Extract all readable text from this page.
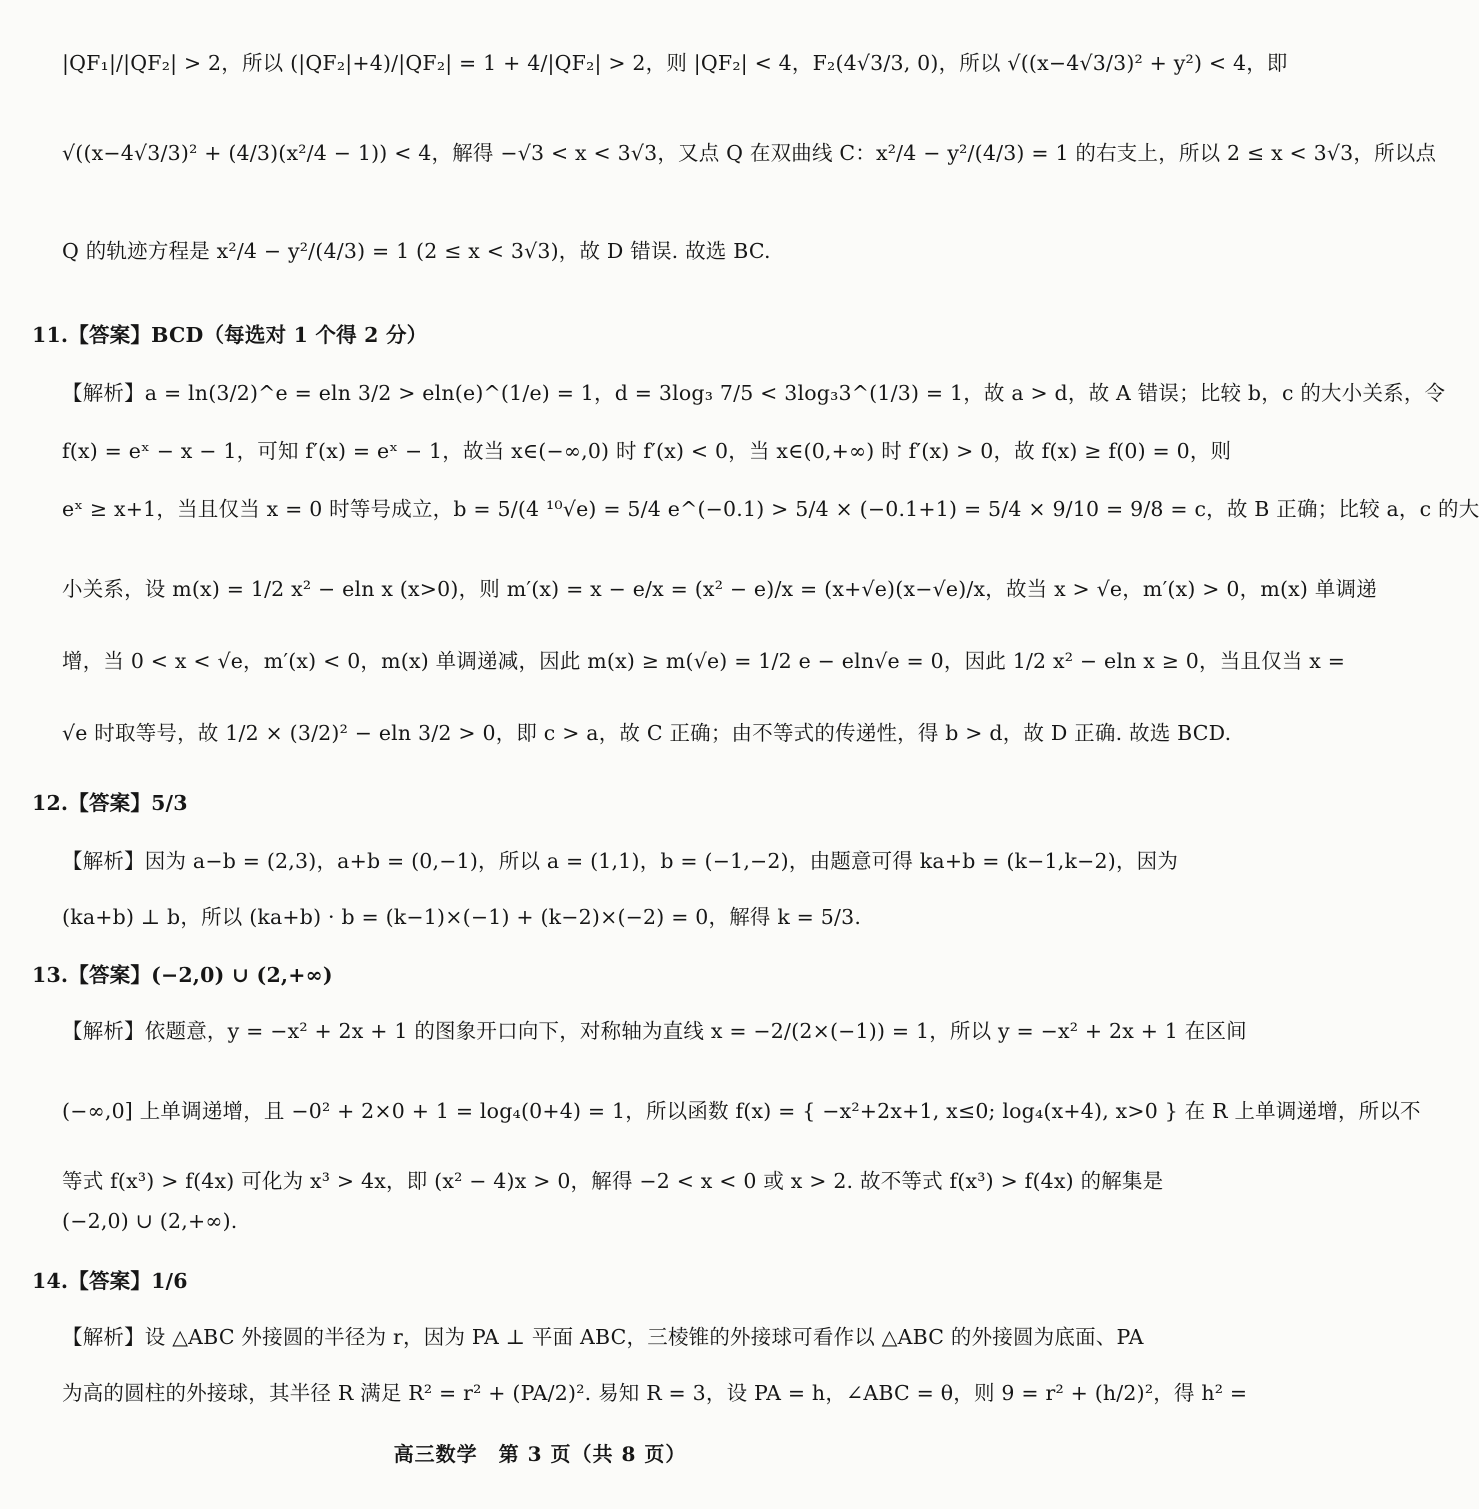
|QF₁|/|QF₂| > 2，所以 (|QF₂|+4)/|QF₂| = 1 + 4/|QF₂| > 2，则 |QF₂| < 4，F₂(4√3/3, 0)，所以 √((x−4√3/3)² + y²) < 4，即
√((x−4√3/3)² + (4/3)(x²/4 − 1)) < 4，解得 −√3 < x < 3√3，又点 Q 在双曲线 C：x²/4 − y²/(4/3) = 1 的右支上，所以 2 ≤ x < 3√3，所以点
Q 的轨迹方程是 x²/4 − y²/(4/3) = 1 (2 ≤ x < 3√3)，故 D 错误. 故选 BC.
11.【答案】BCD（每选对 1 个得 2 分）
【解析】a = ln(3/2)^e = eln 3/2 > eln(e)^(1/e) = 1，d = 3log₃ 7/5 < 3log₃3^(1/3) = 1，故 a > d，故 A 错误；比较 b，c 的大小关系，令
f(x) = eˣ − x − 1，可知 f′(x) = eˣ − 1，故当 x∈(−∞,0) 时 f′(x) < 0，当 x∈(0,+∞) 时 f′(x) > 0，故 f(x) ≥ f(0) = 0，则
eˣ ≥ x+1，当且仅当 x = 0 时等号成立，b = 5/(4 ¹⁰√e) = 5/4 e^(−0.1) > 5/4 × (−0.1+1) = 5/4 × 9/10 = 9/8 = c，故 B 正确；比较 a，c 的大
小关系，设 m(x) = 1/2 x² − eln x (x>0)，则 m′(x) = x − e/x = (x² − e)/x = (x+√e)(x−√e)/x，故当 x > √e，m′(x) > 0，m(x) 单调递
增，当 0 < x < √e，m′(x) < 0，m(x) 单调递减，因此 m(x) ≥ m(√e) = 1/2 e − eln√e = 0，因此 1/2 x² − eln x ≥ 0，当且仅当 x =
√e 时取等号，故 1/2 × (3/2)² − eln 3/2 > 0，即 c > a，故 C 正确；由不等式的传递性，得 b > d，故 D 正确. 故选 BCD.
12.【答案】5/3
【解析】因为 a−b = (2,3)，a+b = (0,−1)，所以 a = (1,1)，b = (−1,−2)，由题意可得 ka+b = (k−1,k−2)，因为
(ka+b) ⊥ b，所以 (ka+b) · b = (k−1)×(−1) + (k−2)×(−2) = 0，解得 k = 5/3.
13.【答案】(−2,0) ∪ (2,+∞)
【解析】依题意，y = −x² + 2x + 1 的图象开口向下，对称轴为直线 x = −2/(2×(−1)) = 1，所以 y = −x² + 2x + 1 在区间
(−∞,0] 上单调递增，且 −0² + 2×0 + 1 = log₄(0+4) = 1，所以函数 f(x) = { −x²+2x+1, x≤0; log₄(x+4), x>0 } 在 R 上单调递增，所以不
等式 f(x³) > f(4x) 可化为 x³ > 4x，即 (x² − 4)x > 0，解得 −2 < x < 0 或 x > 2. 故不等式 f(x³) > f(4x) 的解集是
(−2,0) ∪ (2,+∞).
14.【答案】1/6
【解析】设 △ABC 外接圆的半径为 r，因为 PA ⊥ 平面 ABC，三棱锥的外接球可看作以 △ABC 的外接圆为底面、PA
为高的圆柱的外接球，其半径 R 满足 R² = r² + (PA/2)². 易知 R = 3，设 PA = h，∠ABC = θ，则 9 = r² + (h/2)²，得 h² =
高三数学　第 3 页（共 8 页）
